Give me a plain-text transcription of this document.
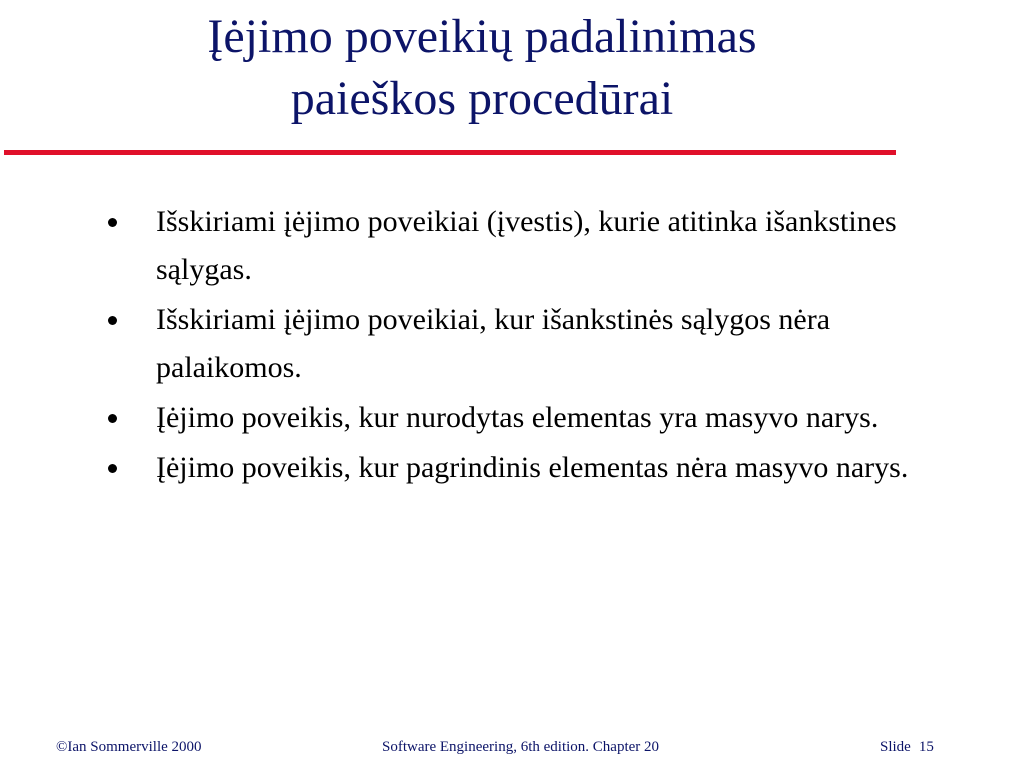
Įėjimo poveikių padalinimas
paieškos procedūrai
Išskiriami įėjimo poveikiai (įvestis), kurie atitinka išankstines sąlygas.
Išskiriami įėjimo poveikiai, kur išankstinės sąlygos nėra palaikomos.
Įėjimo poveikis, kur nurodytas elementas yra masyvo narys.
Įėjimo poveikis, kur pagrindinis elementas nėra masyvo narys.
©Ian Sommerville 2000	Software Engineering, 6th edition. Chapter 20	Slide 15
